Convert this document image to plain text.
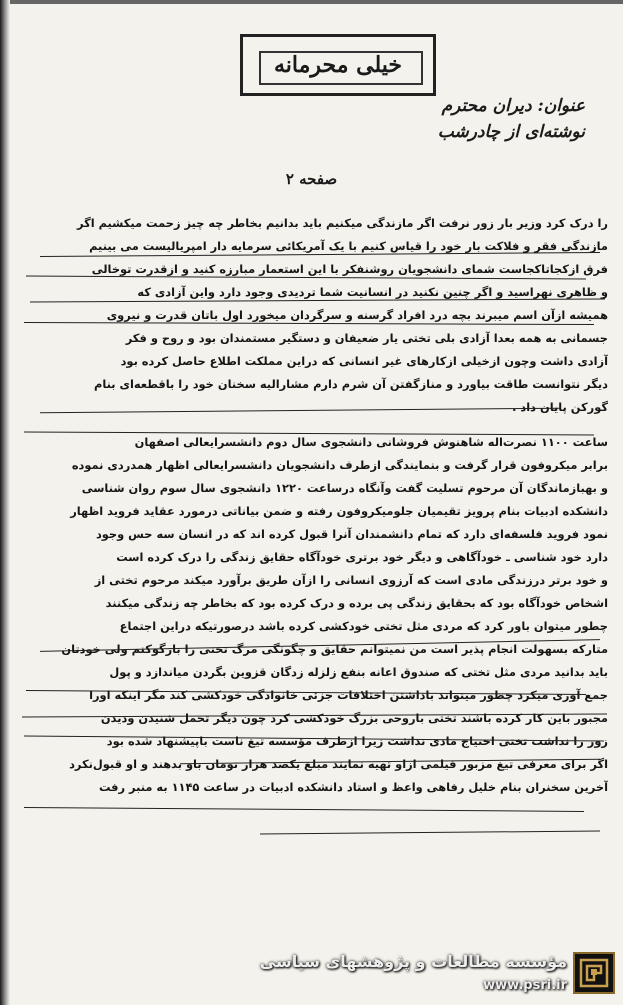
خیلی محرمانه
عنوان: دیران محترم
نوشته‌ای از چادرشب
صفحه ۲

را درک کرد وزیر بار زور نرفت اگر مازندگی میکنیم باید بدانیم بخاطر چه چیز زحمت میکشیم اگر
مازندگی فقر و فلاکت بار خود را قیاس کنیم با یک آمریکائی سرمایه دار امپریالیست می بینیم
فرق ازکجاتاکجاست شمای دانشجویان روشنفکر با این استعمار مبارزه کنید و ازقدرت توخالی
و ظاهری نهراسید و اگر چنین نکنید در انسانیت شما تردیدی وجود دارد واین آزادی که
همیشه ازآن اسم میبرند بچه درد افراد گرسنه و سرگردان میخورد اول باتان قدرت و نیروی
جسمانی به همه بعدا آزادی بلی تختی یار ضعیفان و دستگیر مستمندان بود و روح و فکر
آزادی داشت وچون ازخیلی ازکارهای غیر انسانی که دراین مملکت اطلاع حاصل کرده بود
دیگر نتوانست طاقت بیاورد و منازگفتن آن شرم دارم مشارالیه سخنان خود را باقطعه‌ای بنام
گورکن پایان داد .

ساعت ۱۱۰۰ نصرت‌اله شاهنوش فروشانی دانشجوی سال دوم دانشسرایعالی اصفهان
برابر میکروفون قرار گرفت و بنمایندگی ازطرف دانشجویان دانشسرایعالی اظهار همدردی نموده
و بهبازماندگان آن مرحوم تسلیت گفت وآنگاه درساعت ۱۲۲۰ دانشجوی سال سوم روان شناسی
دانشکده ادبیات بنام پرویز تقیمیان جلومیکروفون رفته و ضمن بیاناتی درمورد عقاید فروید اظهار
نمود فروید فلسفه‌ای دارد که تمام دانشمندان آنرا قبول کرده اند که در انسان سه حس وجود
دارد خود شناسی ـ خودآگاهی و دیگر خود برتری خودآگاه حقایق زندگی را درک کرده است
و خود برتر درزندگی مادی است که آرزوی انسانی را ازآن طریق برآورد میکند مرحوم تختی از
اشخاص خودآگاه بود که بحقایق زندگی پی برده و درک کرده بود که بخاطر چه زندگی میکنند
چطور میتوان باور کرد که مردی مثل تختی خودکشی کرده باشد درصورتیکه دراین اجتماع
متارکه بسهولت انجام پذیر است من نمیتوانم حقایق و چگونگی مرگ تختی را بازگوکنم ولی خودتان
باید بدانید مردی مثل تختی که صندوق اعانه بنفع زلزله زدگان قزوین بگردن میاندازد و پول
جمع آوری میکرد چطور میتواند باداشتن اختلافات جزئی خانوادگی خودکشی کند مگر اینکه اورا
مجبور باین کار کرده باشند تختی باروحی بزرگ خودکشی کرد چون دیگر تحمل شنیدن ودیدن
زور را نداشت تختی احتیاج مادی نداشت زیرا ازطرف مؤسسه تیغ ناست باپیشنهاد شده بود
اگر برای معرفی تیغ مزبور فیلمی ازاو تهیه نمایند مبلغ یکصد هزار تومان باو بدهند و او قبول‌نکرد
آخرین سخنران بنام خلیل رفاهی واعظ و استاد دانشکده ادبیات در ساعت ۱۱۴۵ به منبر رفت

مؤسسه مطالعات و پژوهشهای سیاسی
www.psri.ir
